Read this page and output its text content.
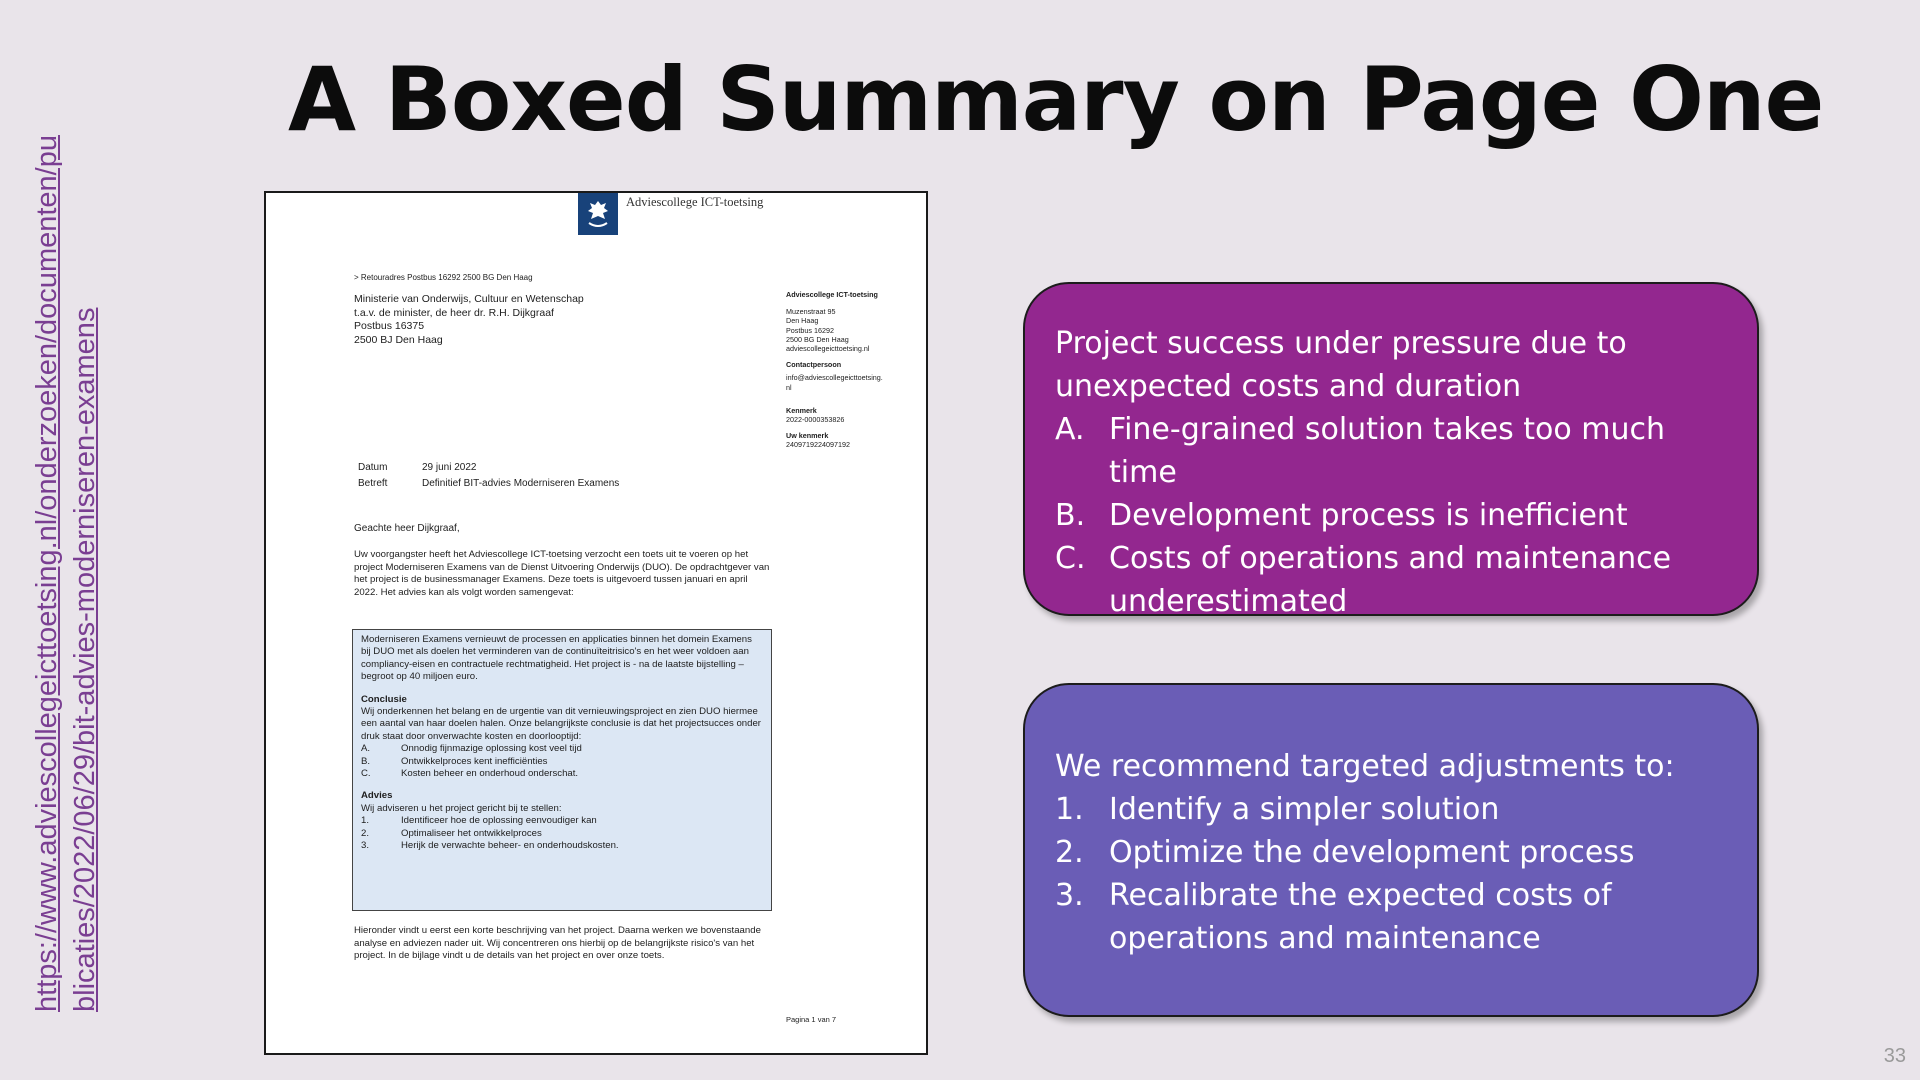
A Boxed Summary on Page One
https://www.adviescollegeicttoetsing.nl/onderzoeken/documenten/pu blicaties/2022/06/29/bit-advies-moderniseren-examens
Adviescollege ICT-toetsing
> Retouradres Postbus 16292 2500 BG Den Haag
Ministerie van Onderwijs, Cultuur en Wetenschap
t.a.v. de minister, de heer dr. R.H. Dijkgraaf
Postbus 16375
2500 BJ Den Haag
Adviescollege ICT-toetsing
Muzenstraat 95
Den Haag
Postbus 16292
2500 BG Den Haag
adviescollegeicttoetsing.nl
Contactpersoon
info@adviescollegeicttoetsing.
nl
Kenmerk
2022-0000353826
Uw kenmerk
2409719224097192
Datum	29 juni 2022
Betreft	Definitief BIT-advies Moderniseren Examens
Geachte heer Dijkgraaf,
Uw voorgangster heeft het Adviescollege ICT-toetsing verzocht een toets uit te voeren op het project Moderniseren Examens van de Dienst Uitvoering Onderwijs (DUO). De opdrachtgever van het project is de businessmanager Examens. Deze toets is uitgevoerd tussen januari en april 2022. Het advies kan als volgt worden samengevat:
Moderniseren Examens vernieuwt de processen en applicaties binnen het domein Examens bij DUO met als doelen het verminderen van de continuïteitrisico's en het weer voldoen aan compliancy-eisen en contractuele rechtmatigheid. Het project is - na de laatste bijstelling – begroot op 40 miljoen euro.
Conclusie
Wij onderkennen het belang en de urgentie van dit vernieuwingsproject en zien DUO hiermee een aantal van haar doelen halen. Onze belangrijkste conclusie is dat het projectsucces onder druk staat door onverwachte kosten en doorlooptijd:
A.	Onnodig fijnmazige oplossing kost veel tijd
B.	Ontwikkelproces kent inefficiënties
C.	Kosten beheer en onderhoud onderschat.
Advies
Wij adviseren u het project gericht bij te stellen:
1.	Identificeer hoe de oplossing eenvoudiger kan
2.	Optimaliseer het ontwikkelproces
3.	Herijk de verwachte beheer- en onderhoudskosten.
Hieronder vindt u eerst een korte beschrijving van het project. Daarna werken we bovenstaande analyse en adviezen nader uit. Wij concentreren ons hierbij op de belangrijkste risico's van het project. In de bijlage vindt u de details van het project en over onze toets.
Pagina 1 van 7
Project success under pressure due to unexpected costs and duration
A. Fine-grained solution takes too much time
B. Development process is inefficient
C. Costs of operations and maintenance underestimated
We recommend targeted adjustments to:
1. Identify a simpler solution
2. Optimize the development process
3. Recalibrate the expected costs of operations and maintenance
33
